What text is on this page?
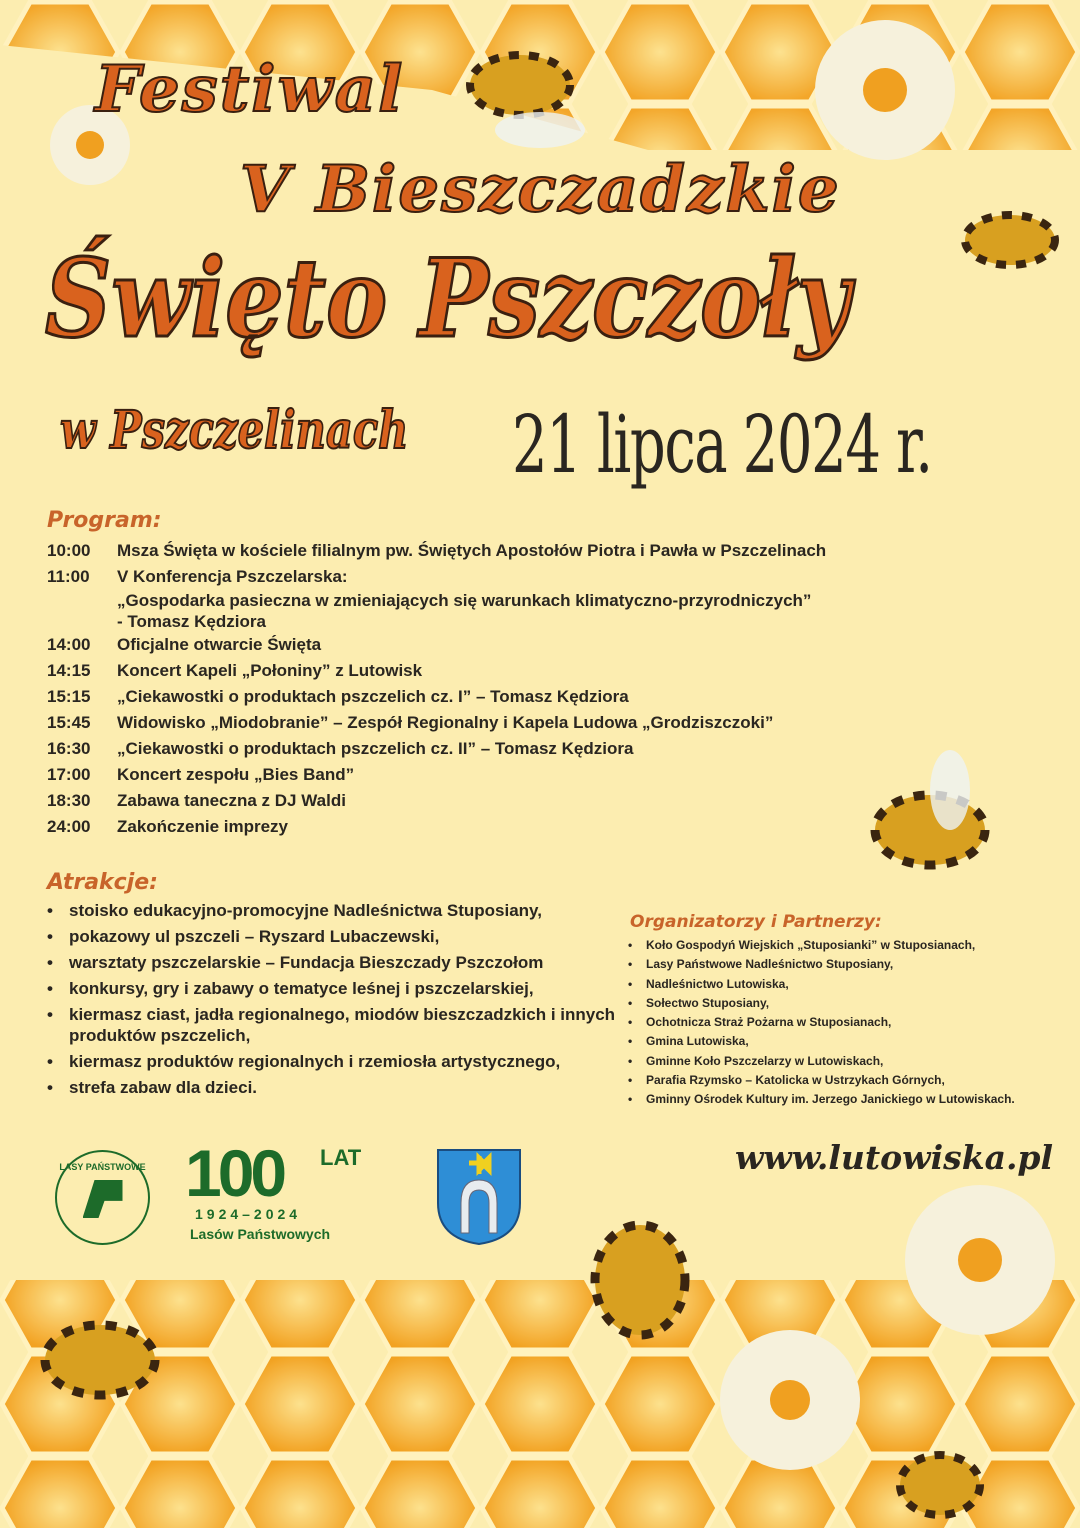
Festiwal
V Bieszczadzkie
Święto Pszczoły
w Pszczelinach 21 lipca 2024 r.
Program:
10:00	Msza Święta w kościele filialnym pw. Świętych Apostołów Piotra i Pawła w Pszczelinach
11:00	V Konferencja Pszczelarska:
„Gospodarka pasieczna w zmieniających się warunkach klimatyczno-przyrodniczych”
- Tomasz Kędziora
14:00	Oficjalne otwarcie Święta
14:15	Koncert Kapeli „Połoniny” z Lutowisk
15:15	„Ciekawostki o produktach pszczelich cz. I” – Tomasz Kędziora
15:45	Widowisko „Miodobranie” – Zespół Regionalny i Kapela Ludowa „Grodziszczoki”
16:30	„Ciekawostki o produktach pszczelich cz. II” – Tomasz Kędziora
17:00	Koncert zespołu „Bies Band”
18:30	Zabawa taneczna z DJ Waldi
24:00	Zakończenie imprezy
Atrakcje:
• stoisko edukacyjno-promocyjne Nadleśnictwa Stuposiany,
• pokazowy ul pszczeli – Ryszard Lubaczewski,
• warsztaty pszczelarskie – Fundacja Bieszczady Pszczołom
• konkursy, gry i zabawy o tematyce leśnej i pszczelarskiej,
• kiermasz ciast, jadła regionalnego, miodów bieszczadzkich i innych produktów pszczelich,
• kiermasz produktów regionalnych i rzemiosła artystycznego,
• strefa zabaw dla dzieci.
Organizatorzy i Partnerzy:
• Koło Gospodyń Wiejskich „Stuposianki” w Stuposianach,
• Lasy Państwowe Nadleśnictwo Stuposiany,
• Nadleśnictwo Lutowiska,
• Sołectwo Stuposiany,
• Ochotnicza Straż Pożarna w Stuposianach,
• Gmina Lutowiska,
• Gminne Koło Pszczelarzy w Lutowiskach,
• Parafia Rzymsko – Katolicka w Ustrzykach Górnych,
• Gminny Ośrodek Kultury im. Jerzego Janickiego w Lutowiskach.
www.lutowiska.pl
LASY PAŃSTWOWE 100 LAT
1924–2024
Lasów Państwowych
